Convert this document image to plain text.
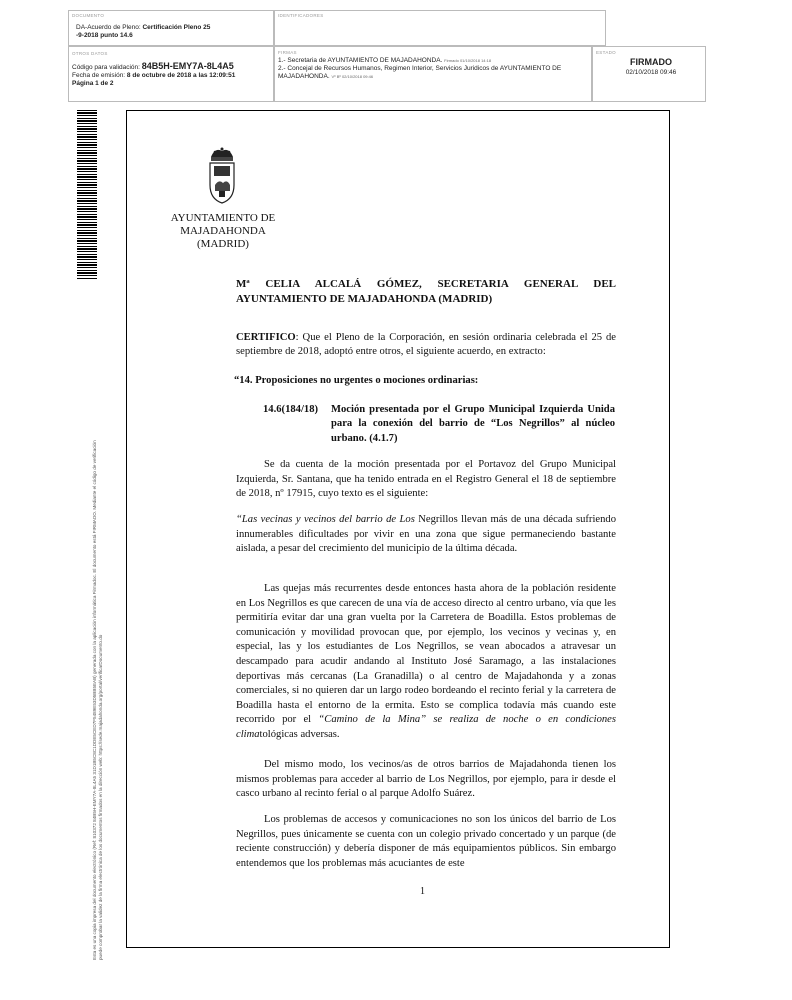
DOCUMENTO
DA-Acuerdo de Pleno: Certificación Pleno 25
-9-2018 punto 14.6
IDENTIFICADORES
OTROS DATOS
Código para validación: 84B5H-EMY7A-8L4A5
Fecha de emisión: 8 de octubre de 2018 a las 12:09:51
Página 1 de 2
FIRMAS
1.- Secretaria de AYUNTAMIENTO DE MAJADAHONDA. Firmado 01/10/2018 14:18
2.- Concejal de Recursos Humanos, Regimen Interior, Servicios Juridicos de AYUNTAMIENTO DE
MAJADAHONDA. Vº Bº 02/10/2018 09:46
ESTADO
FIRMADO
02/10/2018 09:46
Esta es una copia impresa del documento electrónico (Ref: 810372 84B5H-EMY7A-8L4A5 31D1B5C8C1DDE5CED7F5489E53D5BB5EAB) generada con la aplicación informática Firmadoc. El documento está FIRMADO. Mediante el código de verificación puede comprobar la validez de la firma electrónica de los documentos firmados en la dirección web: https://sede.majadahonda.org/portal/verificarDocumento.do
AYUNTAMIENTO DE
MAJADAHONDA
(MADRID)
Mª CELIA ALCALÁ GÓMEZ, SECRETARIA GENERAL DEL AYUNTAMIENTO DE MAJADAHONDA (MADRID)
CERTIFICO: Que el Pleno de la Corporación, en sesión ordinaria celebrada el 25 de septiembre de 2018, adoptó entre otros, el siguiente acuerdo, en extracto:
“14. Proposiciones no urgentes o mociones ordinarias:
14.6(184/18)	Moción presentada por el Grupo Municipal Izquierda Unida para la conexión del barrio de “Los Negrillos” al núcleo urbano. (4.1.7)
Se da cuenta de la moción presentada por el Portavoz del Grupo Municipal Izquierda, Sr. Santana, que ha tenido entrada en el Registro General el 18 de septiembre de 2018, nº 17915, cuyo texto es el siguiente:
“Las vecinas y vecinos del barrio de Los Negrillos llevan más de una década sufriendo innumerables dificultades por vivir en una zona que sigue permaneciendo bastante aislada, a pesar del crecimiento del municipio de la última década.
Las quejas más recurrentes desde entonces hasta ahora de la población residente en Los Negrillos es que carecen de una vía de acceso directo al centro urbano, vía que les permitiría evitar dar una gran vuelta por la Carretera de Boadilla. Estos problemas de comunicación y movilidad provocan que, por ejemplo, los vecinos y vecinas y, en especial, las y los estudiantes de Los Negrillos, se vean abocados a atravesar un descampado para acudir andando al Instituto José Saramago, a las instalaciones deportivas más cercanas (La Granadilla) o al centro de Majadahonda y a zonas comerciales, si no quieren dar un largo rodeo bordeando el recinto ferial y la carretera de Boadilla hasta el entorno de la ermita. Esto se complica todavía más cuando este recorrido por el “Camino de la Mina” se realiza de noche o en condiciones climatológicas adversas.
Del mismo modo, los vecinos/as de otros barrios de Majadahonda tienen los mismos problemas para acceder al barrio de Los Negrillos, por ejemplo, para ir desde el casco urbano al recinto ferial o al parque Adolfo Suárez.
Los problemas de accesos y comunicaciones no son los únicos del barrio de Los Negrillos, pues únicamente se cuenta con un colegio privado concertado y un parque (de reciente construcción) y debería disponer de más equipamientos públicos. Sin embargo entendemos que los problemas más acuciantes de este
1
